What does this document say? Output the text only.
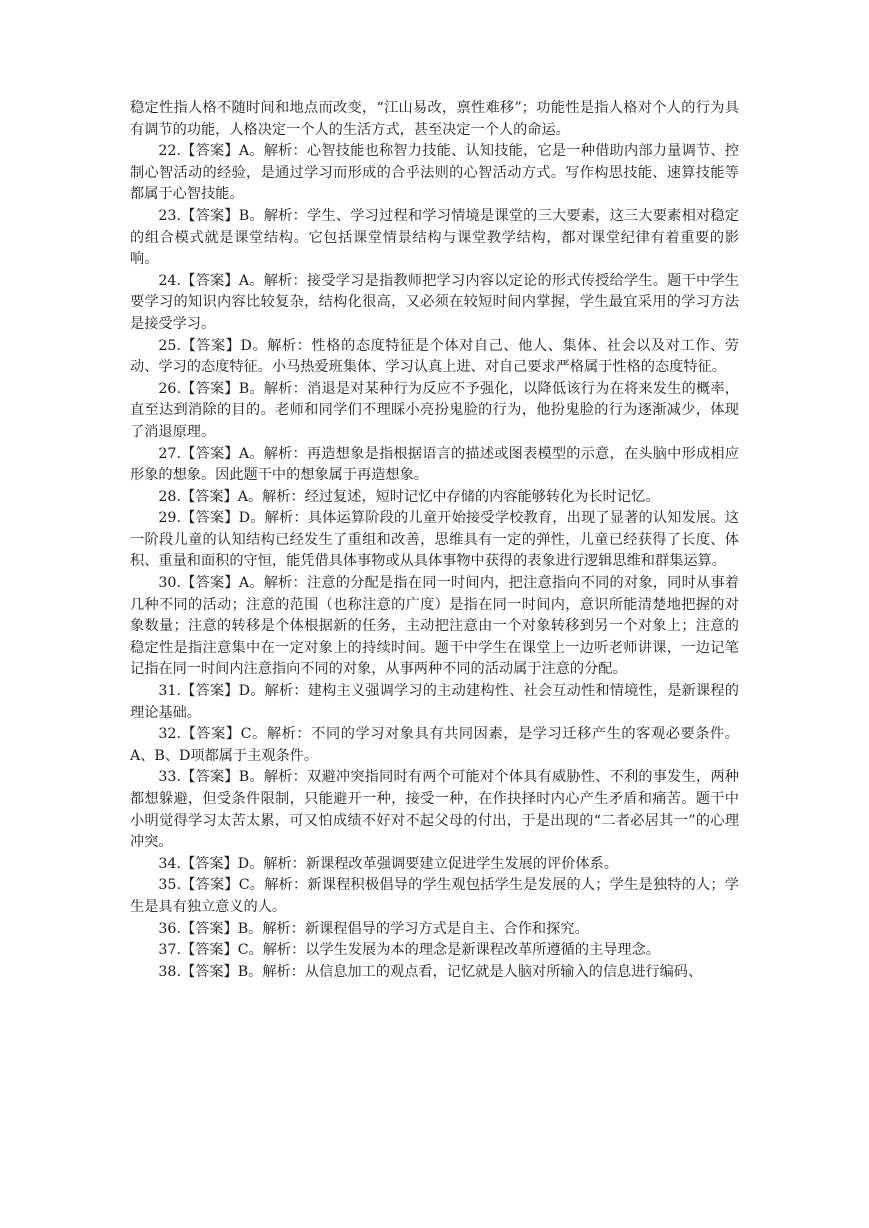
稳定性指人格不随时间和地点而改变，“江山易改，禀性难移”；功能性是指人格对个人的行为具有调节的功能，人格决定一个人的生活方式，甚至决定一个人的命运。

22.【答案】A。解析：心智技能也称智力技能、认知技能，它是一种借助内部力量调节、控制心智活动的经验，是通过学习而形成的合乎法则的心智活动方式。写作构思技能、速算技能等都属于心智技能。

23.【答案】B。解析：学生、学习过程和学习情境是课堂的三大要素，这三大要素相对稳定的组合模式就是课堂结构。它包括课堂情景结构与课堂教学结构，都对课堂纪律有着重要的影响。

24.【答案】A。解析：接受学习是指教师把学习内容以定论的形式传授给学生。题干中学生要学习的知识内容比较复杂，结构化很高，又必须在较短时间内掌握，学生最宜采用的学习方法是接受学习。

25.【答案】D。解析：性格的态度特征是个体对自己、他人、集体、社会以及对工作、劳动、学习的态度特征。小马热爱班集体、学习认真上进、对自己要求严格属于性格的态度特征。

26.【答案】B。解析：消退是对某种行为反应不予强化，以降低该行为在将来发生的概率，直至达到消除的目的。老师和同学们不理睬小亮扮鬼脸的行为，他扮鬼脸的行为逐渐减少，体现了消退原理。

27.【答案】A。解析：再造想象是指根据语言的描述或图表模型的示意，在头脑中形成相应形象的想象。因此题干中的想象属于再造想象。

28.【答案】A。解析：经过复述，短时记忆中存储的内容能够转化为长时记忆。

29.【答案】D。解析：具体运算阶段的儿童开始接受学校教育，出现了显著的认知发展。这一阶段儿童的认知结构已经发生了重组和改善，思维具有一定的弹性，儿童已经获得了长度、体积、重量和面积的守恒，能凭借具体事物或从具体事物中获得的表象进行逻辑思维和群集运算。

30.【答案】A。解析：注意的分配是指在同一时间内，把注意指向不同的对象，同时从事着几种不同的活动；注意的范围（也称注意的广度）是指在同一时间内，意识所能清楚地把握的对象数量；注意的转移是个体根据新的任务，主动把注意由一个对象转移到另一个对象上；注意的稳定性是指注意集中在一定对象上的持续时间。题干中学生在课堂上一边听老师讲课，一边记笔记指在同一时间内注意指向不同的对象，从事两种不同的活动属于注意的分配。

31.【答案】D。解析：建构主义强调学习的主动建构性、社会互动性和情境性，是新课程的理论基础。

32.【答案】C。解析：不同的学习对象具有共同因素，是学习迁移产生的客观必要条件。A、B、D项都属于主观条件。

33.【答案】B。解析：双避冲突指同时有两个可能对个体具有威胁性、不利的事发生，两种都想躲避，但受条件限制，只能避开一种，接受一种，在作抉择时内心产生矛盾和痛苦。题干中小明觉得学习太苦太累，可又怕成绩不好对不起父母的付出，于是出现的“二者必居其一”的心理冲突。

34.【答案】D。解析：新课程改革强调要建立促进学生发展的评价体系。

35.【答案】C。解析：新课程积极倡导的学生观包括学生是发展的人；学生是独特的人；学生是具有独立意义的人。

36.【答案】B。解析：新课程倡导的学习方式是自主、合作和探究。

37.【答案】C。解析：以学生发展为本的理念是新课程改革所遵循的主导理念。

38.【答案】B。解析：从信息加工的观点看，记忆就是人脑对所输入的信息进行编码、
